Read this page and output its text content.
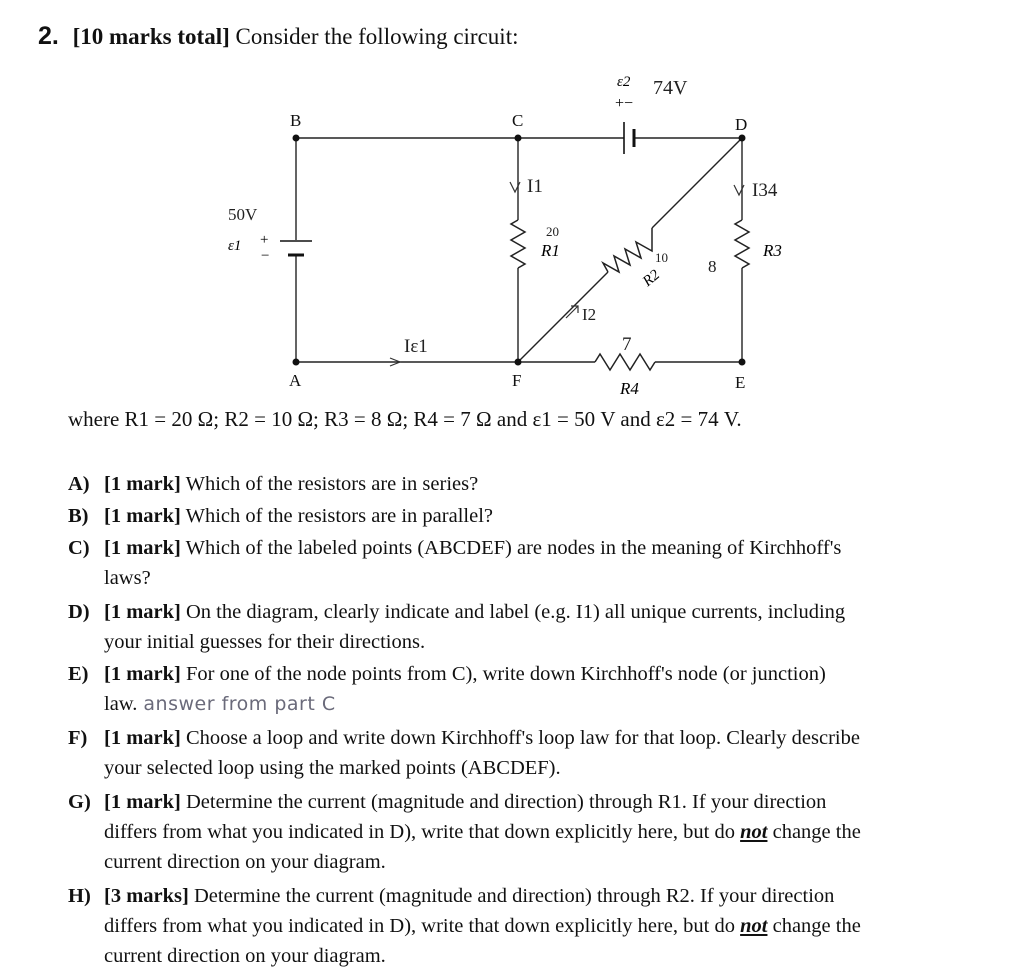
2. [10 marks total] Consider the following circuit:
B	C	D
A	F	E
50V
ε1 +
−
ε2 74V
+−
20
R1	10
R2
8
R3
7
R4
I1	I34
I2
Iε1
where R1 = 20 Ω; R2 = 10 Ω; R3 = 8 Ω; R4 = 7 Ω and ε1 = 50 V and ε2 = 74 V.
A) [1 mark] Which of the resistors are in series?
B) [1 mark] Which of the resistors are in parallel?
C) [1 mark] Which of the labeled points (ABCDEF) are nodes in the meaning of Kirchhoff's
laws?
D) [1 mark] On the diagram, clearly indicate and label (e.g. I1) all unique currents, including
your initial guesses for their directions.
E) [1 mark] For one of the node points from C), write down Kirchhoff's node (or junction)
law. answer from part C
F) [1 mark] Choose a loop and write down Kirchhoff's loop law for that loop. Clearly describe
your selected loop using the marked points (ABCDEF).
G) [1 mark] Determine the current (magnitude and direction) through R1. If your direction
differs from what you indicated in D), write that down explicitly here, but do not change the
current direction on your diagram.
H) [3 marks] Determine the current (magnitude and direction) through R2. If your direction
differs from what you indicated in D), write that down explicitly here, but do not change the
current direction on your diagram.
